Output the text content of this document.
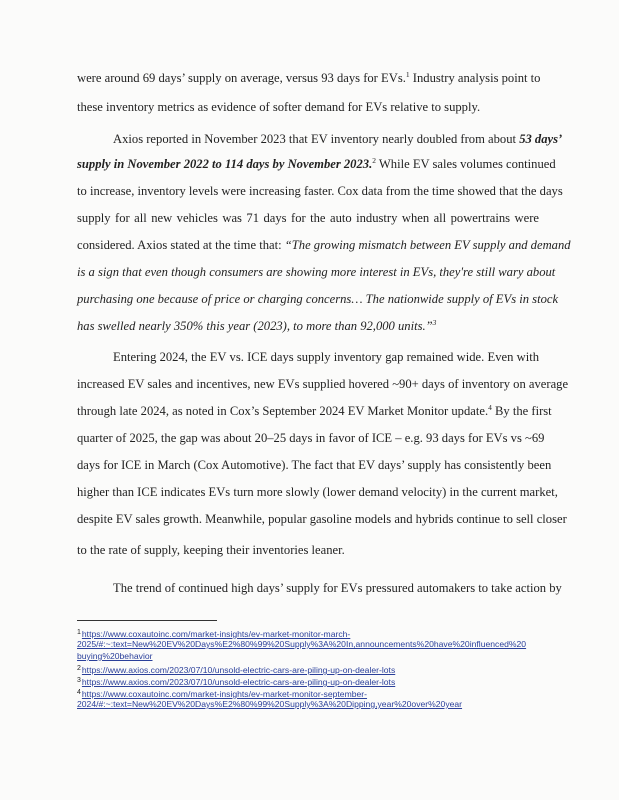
were around 69 days’ supply on average, versus 93 days for EVs.$^1$ Industry analysis point to
these inventory metrics as evidence of softer demand for EVs relative to supply.
Axios reported in November 2023 that EV inventory nearly doubled from about 53 days’
supply in November 2022 to 114 days by November 2023.$^2$ While EV sales volumes continued
to increase, inventory levels were increasing faster. Cox data from the time showed that the days
supply for all new vehicles was 71 days for the auto industry when all powertrains were
considered. Axios stated at the time that: “The growing mismatch between EV supply and demand
is a sign that even though consumers are showing more interest in EVs, they're still wary about
purchasing one because of price or charging concerns… The nationwide supply of EVs in stock
has swelled nearly 350% this year (2023), to more than 92,000 units.”$^3$
Entering 2024, the EV vs. ICE days supply inventory gap remained wide. Even with
increased EV sales and incentives, new EVs supplied hovered ~90+ days of inventory on average
through late 2024, as noted in Cox’s September 2024 EV Market Monitor update.$^4$ By the first
quarter of 2025, the gap was about 20–25 days in favor of ICE – e.g. 93 days for EVs vs ~69
days for ICE in March (Cox Automotive). The fact that EV days’ supply has consistently been
higher than ICE indicates EVs turn more slowly (lower demand velocity) in the current market,
despite EV sales growth. Meanwhile, popular gasoline models and hybrids continue to sell closer
to the rate of supply, keeping their inventories leaner.
The trend of continued high days’ supply for EVs pressured automakers to take action by
$^1$https://www.coxautoinc.com/market-insights/ev-market-monitor-march-
2025/#:~:text=New%20EV%20Days%E2%80%99%20Supply%3A%20In,announcements%20have%20influenced%20
buying%20behavior
$^2$https://www.axios.com/2023/07/10/unsold-electric-cars-are-piling-up-on-dealer-lots
$^3$https://www.axios.com/2023/07/10/unsold-electric-cars-are-piling-up-on-dealer-lots
$^4$https://www.coxautoinc.com/market-insights/ev-market-monitor-september-
2024/#:~:text=New%20EV%20Days%E2%80%99%20Supply%3A%20Dipping,year%20over%20year
